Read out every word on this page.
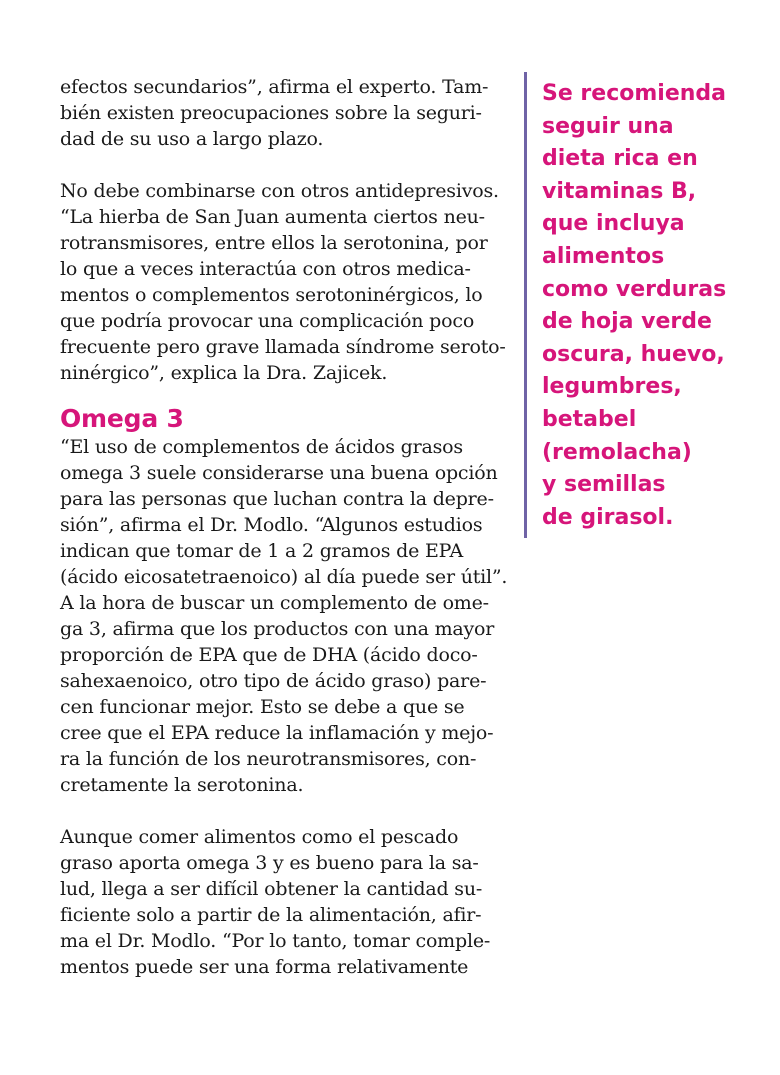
efectos secundarios”, afirma el experto. Tam-
bién existen preocupaciones sobre la seguri-
dad de su uso a largo plazo.

No debe combinarse con otros antidepresivos.
“La hierba de San Juan aumenta ciertos neu-
rotransmisores, entre ellos la serotonina, por
lo que a veces interactúa con otros medica-
mentos o complementos serotoninérgicos, lo
que podría provocar una complicación poco
frecuente pero grave llamada síndrome seroto-
ninérgico”, explica la Dra. Zajicek.

Omega 3

“El uso de complementos de ácidos grasos
omega 3 suele considerarse una buena opción
para las personas que luchan contra la depre-
sión”, afirma el Dr. Modlo. “Algunos estudios
indican que tomar de 1 a 2 gramos de EPA
(ácido eicosatetraenoico) al día puede ser útil”.
A la hora de buscar un complemento de ome-
ga 3, afirma que los productos con una mayor
proporción de EPA que de DHA (ácido doco-
sahexaenoico, otro tipo de ácido graso) pare-
cen funcionar mejor. Esto se debe a que se
cree que el EPA reduce la inflamación y mejo-
ra la función de los neurotransmisores, con-
cretamente la serotonina.

Aunque comer alimentos como el pescado
graso aporta omega 3 y es bueno para la sa-
lud, llega a ser difícil obtener la cantidad su-
ficiente solo a partir de la alimentación, afir-
ma el Dr. Modlo. “Por lo tanto, tomar comple-
mentos puede ser una forma relativamente

Se recomienda
seguir una
dieta rica en
vitaminas B,
que incluya
alimentos
como verduras
de hoja verde
oscura, huevo,
legumbres,
betabel
(remolacha)
y semillas
de girasol.
